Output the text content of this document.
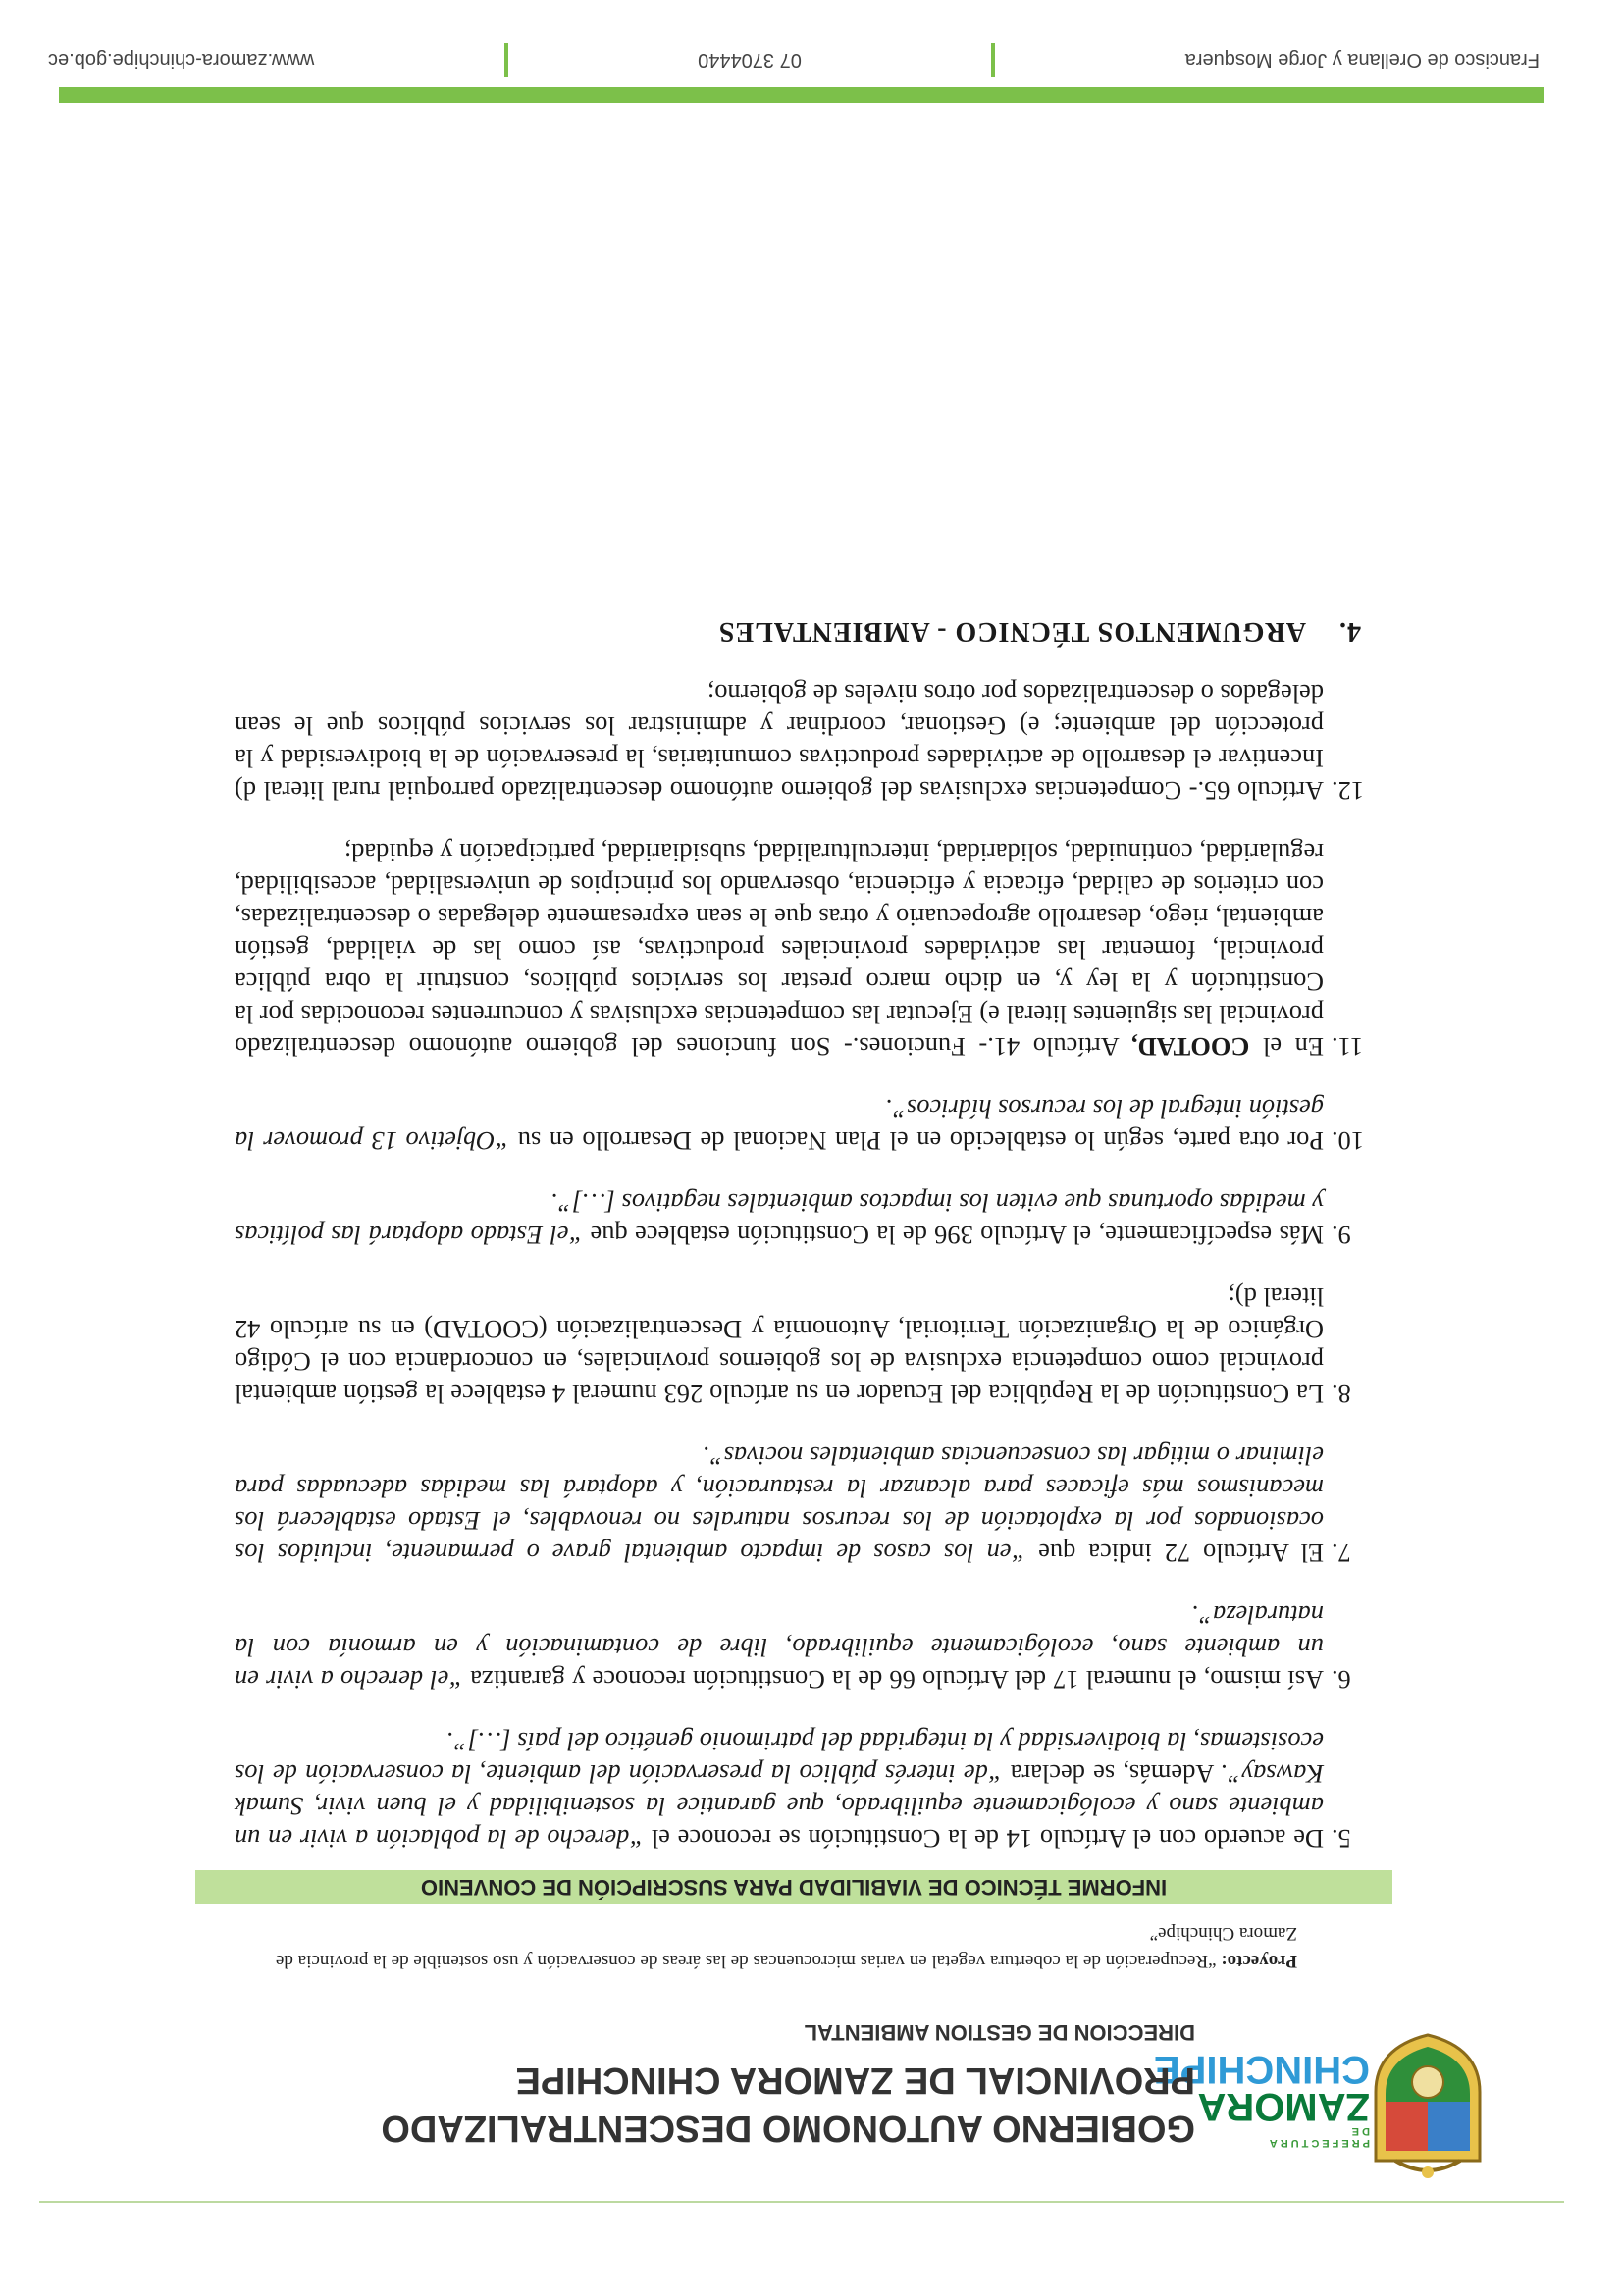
PREFECTURA DE
ZAMORA
CHINCHIPE
GOBIERNO AUTONOMO DESCENTRALIZADO
PROVINCIAL DE ZAMORA CHINCHIPE
DIRECCION DE GESTION AMBIENTAL
Proyecto: “Recuperación de la cobertura vegetal en varias microcuencas de las áreas de conservación y uso sostenible de la provincia de Zamora Chinchipe”
INFORME TÉCNICO DE VIABILIDAD PARA SUSCRIPCIÓN DE CONVENIO
5.

De acuerdo con el Artículo 14 de la Constitución se reconoce el “derecho de la población a vivir en un ambiente sano y ecológicamente equilibrado, que garantice la sostenibilidad y el buen vivir, Sumak Kawsay”. Además, se declara “de interés público la preservación del ambiente, la conservación de los ecosistemas, la biodiversidad y la integridad del patrimonio genético del país […]”.

6.

Así mismo, el numeral 17 del Artículo 66 de la Constitución reconoce y garantiza “el derecho a vivir en un ambiente sano, ecológicamente equilibrado, libre de contaminación y en armonía con la naturaleza”.

7.

El Artículo 72 indica que “en los casos de impacto ambiental grave o permanente, incluidos los ocasionados por la explotación de los recursos naturales no renovables, el Estado establecerá los mecanismos más eficaces para alcanzar la restauración, y adoptará las medidas adecuadas para eliminar o mitigar las consecuencias ambientales nocivas”.

8.

La Constitución de la República del Ecuador en su artículo 263 numeral 4 establece la gestión ambiental provincial como competencia exclusiva de los gobiernos provinciales, en concordancia con el Código Orgánico de la Organización Territorial, Autonomía y Descentralización (COOTAD) en su artículo 42 literal d);

9.

Más específicamente, el Artículo 396 de la Constitución establece que “el Estado adoptará las políticas y medidas oportunas que eviten los impactos ambientales negativos […]”.

10.

Por otra parte, según lo establecido en el Plan Nacional de Desarrollo en su “Objetivo 13 promover la gestión integral de los recursos hídricos”.

11.

En el COOTAD, Artículo 41.- Funciones.- Son funciones del gobierno autónomo descentralizado provincial las siguientes literal e) Ejecutar las competencias exclusivas y concurrentes reconocidas por la Constitución y la ley y, en dicho marco prestar los servicios públicos, construir la obra pública provincial, fomentar las actividades provinciales productivas, así como las de vialidad, gestión ambiental, riego, desarrollo agropecuario y otras que le sean expresamente delegadas o descentralizadas, con criterios de calidad, eficacia y eficiencia, observando los principios de universalidad, accesibilidad, regularidad, continuidad, solidaridad, interculturalidad, subsidiaridad, participación y equidad;

12.

Artículo 65.- Competencias exclusivas del gobierno autónomo descentralizado parroquial rural literal d) Incentivar el desarrollo de actividades productivas comunitarias, la preservación de la biodiversidad y la protección del ambiente; e) Gestionar, coordinar y administrar los servicios públicos que le sean delegados o descentralizados por otros niveles de gobierno;

4.ARGUMENTOS TÉCNICO - AMBIENTALES
Francisco de Orellana y Jorge Mosquera
07 3704440
www.zamora-chinchipe.gob.ec
